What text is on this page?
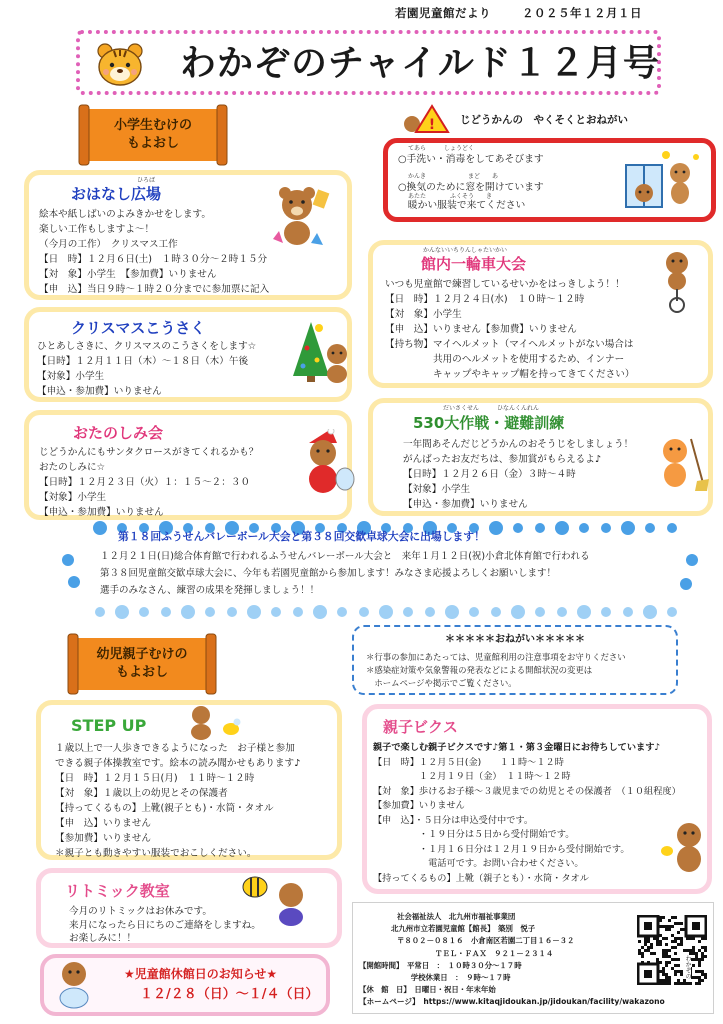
若園児童館だより	２０２５年１２月１日
わかぞのチャイルド１２月号
小学生むけの
もよおし
! じどうかんの　やくそくとおねがい
てあら　　　しょうどく
○手洗い・消毒をしてあそびます
かんき　　　　　　　まど　　あ
○換気のために窓を開けています
あたた　　　　ふくそう　　き
　暖かい服装で来てください
ひろば
おはなし広場
絵本や紙しばいのよみきかせをします。
楽しい工作もしますよ～！
（今月の工作）　クリスマス工作
【日　時】１２月６日(土)　１時３０分～２時１５分
【対　象】小学生　【参加費】いりません
【申　込】当日９時～１時２０分までに参加票に記入
クリスマスこうさく
ひとあしさきに、クリスマスのこうさくをします☆
【日時】１２月１１日（木）～１８日（木）午後
【対象】小学生
【申込・参加費】いりません
おたのしみ会
じどうかんにもサンタクロースがきてくれるかも？
おたのしみに☆
【日時】１２月２３日（火）１：１５～２：３０
【対象】小学生
【申込・参加費】いりません
かんないいちりんしゃたいかい
館内一輪車大会
いつも児童館で練習しているせいかをはっきしよう！！
【日　時】１２月２４日(水)　１０時～１２時
【対　象】小学生
【申　込】いりません【参加費】いりません
【持ち物】マイヘルメット（マイヘルメットがない場合は
　　　　　共用のヘルメットを使用するため、インナー
　　　　　キャップやキャップ帽を持ってきてください）
だいさくせん　　　ひなんくんれん
530大作戦・避難訓練
一年間あそんだじどうかんのおそうじをしましょう！
がんばったお友だちは、参加賞がもらえるよ♪
【日時】１２月２６日（金）３時～４時
【対象】小学生
【申込・参加費】いりません
第１８回ふうせんバレーボール大会と第３８回交歓卓球大会に出場します！
１２月２１日(日)総合体育館で行われるふうせんバレーボール大会と　来年１月１２日(祝)小倉北体育館で行われる
第３８回児童館交歓卓球大会に、今年も若園児童館から参加します！みなさま応援よろしくお願いします！
選手のみなさん、練習の成果を発揮しましょう！！
幼児親子むけの
もよおし
＊＊＊＊＊おねがい＊＊＊＊＊
＊行事の参加にあたっては、児童館利用の注意事項をお守りください
＊感染症対策や気象警報の発表などによる開館状況の変更は
　ホームページや掲示でご覧ください。
STEP UP
１歳以上で一人歩きできるようになった　お子様と参加
できる親子体操教室です。絵本の読み聞かせもあります♪
【日　時】１２月１５日(月)　１１時～１２時
【対　象】１歳以上の幼児とその保護者
【持ってくるもの】上靴(親子とも)・水筒・タオル
【申　込】いりません
【参加費】いりません
＊親子とも動きやすい服装でおこしください。
親子ビクス
親子で楽しむ親子ビクスです♪第１・第３金曜日にお待ちしています♪
【日　時】１２月５日(金)　　１１時～１２時
　　　　　１２月１９日（金）　１１時～１２時
【対　象】歩けるお子様～３歳児までの幼児とその保護者　（１０組程度）
【参加費】いりません
【申　込】・５日分は申込受付中です。
　　　　　・１９日分は５日から受付開始です。
　　　　　・１月１６日分は１２月１９日から受付開始です。
　　　　　　電話可です。お問い合わせください。
【持ってくるもの】上靴（親子とも）・水筒・タオル
リトミック教室
今月のリトミックはお休みです。
来月になったら日にちのご連絡をしますね。
お楽しみに！！
★児童館休館日のお知らせ★
１２/２８（日）～１/４（日）
社会福祉法人　北九州市福祉事業団
北九州市立若園児童館【館長】　築別　悦子
〒８０２－０８１６　小倉南区若園二丁目１６－３２
ＴＥＬ・ＦＡＸ　９２１－２３１４
【開館時間】　平常日　：　１０時３０分～１７時
　　　　　　　学校休業日　：　９時～１７時
【休　館　日】　日曜日・祝日・年末年始
【ホームページ】　https://www.kitaqjidoukan.jp/jidoukan/facility/wakazono
わかぞの
